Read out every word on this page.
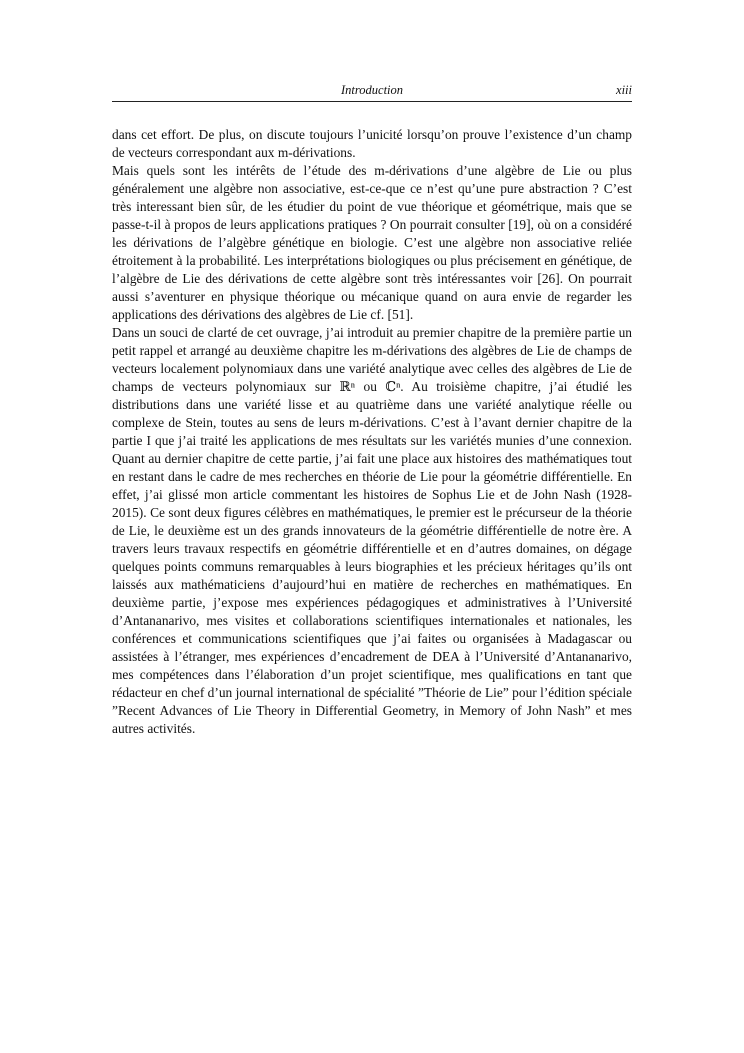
Introduction	xiii

dans cet effort. De plus, on discute toujours l’unicité lorsqu’on prouve l’existence d’un champ de vecteurs correspondant aux m-dérivations.

Mais quels sont les intérêts de l’étude des m-dérivations d’une algèbre de Lie ou plus généralement une algèbre non associative, est-ce-que ce n’est qu’une pure abstraction ? C’est très interessant bien sûr, de les étudier du point de vue théorique et géométrique, mais que se passe-t-il à propos de leurs applications pratiques ? On pourrait consulter [19], où on a considéré les dérivations de l’algèbre génétique en biologie. C’est une algèbre non associative reliée étroitement à la probabilité. Les interprétations biologiques ou plus précisement en génétique, de l’algèbre de Lie des dérivations de cette algèbre sont très intéressantes voir [26]. On pourrait aussi s’aventurer en physique théorique ou mécanique quand on aura envie de regarder les applications des dérivations des algèbres de Lie cf. [51].

Dans un souci de clarté de cet ouvrage, j’ai introduit au premier chapitre de la première partie un petit rappel et arrangé au deuxième chapitre les m-dérivations des algèbres de Lie de champs de vecteurs localement polynomiaux dans une variété analytique avec celles des algèbres de Lie de champs de vecteurs polynomiaux sur ℝⁿ ou ℂⁿ. Au troisième chapitre, j’ai étudié les distributions dans une variété lisse et au quatrième dans une variété analytique réelle ou complexe de Stein, toutes au sens de leurs m-dérivations. C’est à l’avant dernier chapitre de la partie I que j’ai traité les applications de mes résultats sur les variétés munies d’une connexion. Quant au dernier chapitre de cette partie, j’ai fait une place aux histoires des mathématiques tout en restant dans le cadre de mes recherches en théorie de Lie pour la géométrie différentielle. En effet, j’ai glissé mon article commentant les histoires de Sophus Lie et de John Nash (1928-2015). Ce sont deux figures célèbres en mathématiques, le premier est le précurseur de la théorie de Lie, le deuxième est un des grands innovateurs de la géométrie différentielle de notre ère. A travers leurs travaux respectifs en géométrie différentielle et en d’autres domaines, on dégage quelques points communs remarquables à leurs biographies et les précieux héritages qu’ils ont laissés aux mathématiciens d’aujourd’hui en matière de recherches en mathématiques. En deuxième partie, j’expose mes expériences pédagogiques et administratives à l’Université d’Antananarivo, mes visites et collaborations scientifiques internationales et nationales, les conférences et communications scientifiques que j’ai faites ou organisées à Madagascar ou assistées à l’étranger, mes expériences d’encadrement de DEA à l’Université d’Antananarivo, mes compétences dans l’élaboration d’un projet scientifique, mes qualifications en tant que rédacteur en chef d’un journal international de spécialité ”Théorie de Lie” pour l’édition spéciale ”Recent Advances of Lie Theory in Differential Geometry, in Memory of John Nash” et mes autres activités.
